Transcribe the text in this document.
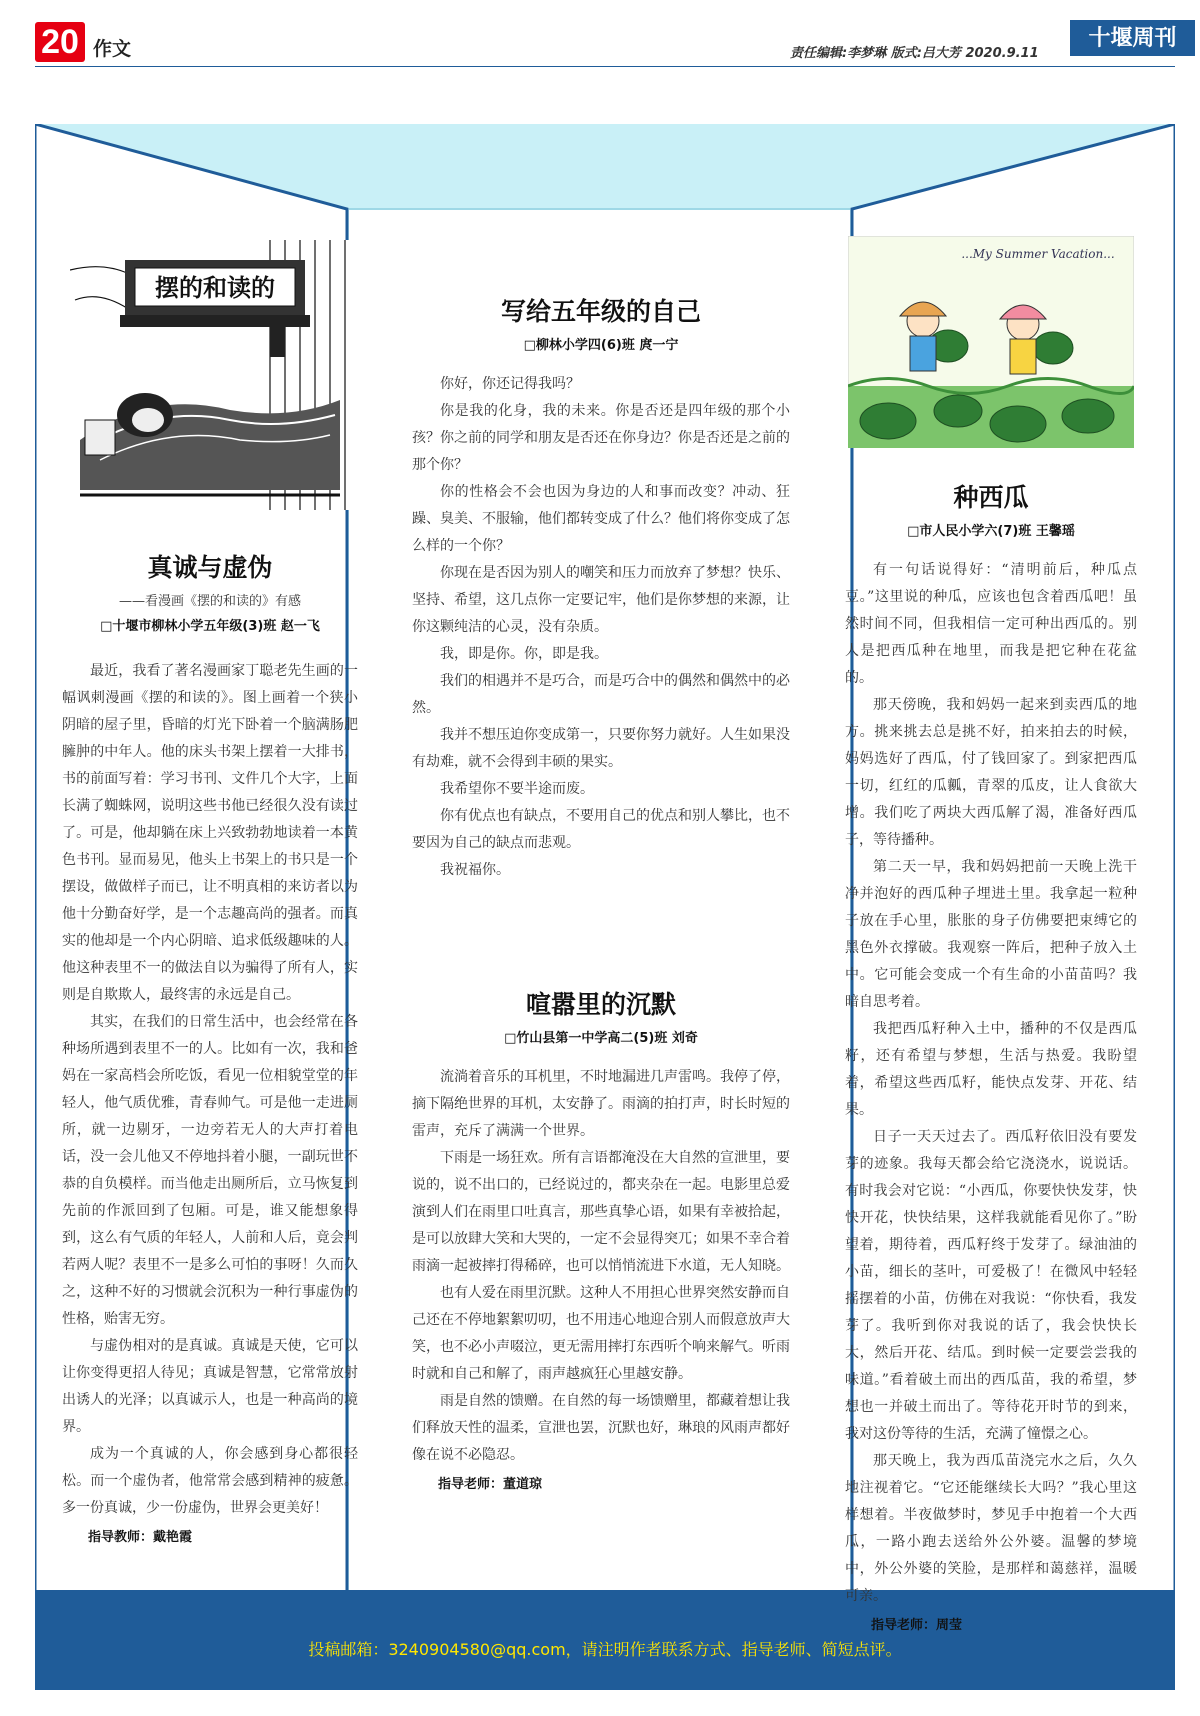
20 作文	责任编辑:李梦琳 版式:吕大芳 2020.9.11
十堰周刊
投稿邮箱：3240904580@qq.com，请注明作者联系方式、指导老师、简短点评。
摆的和读的
...My Summer Vacation...
真诚与虚伪
——看漫画《摆的和读的》有感
□十堰市柳林小学五年级(3)班 赵一飞

最近，我看了著名漫画家丁聪老先生画的一幅讽刺漫画《摆的和读的》。图上画着一个狭小阴暗的屋子里，昏暗的灯光下卧着一个脑满肠肥臃肿的中年人。他的床头书架上摆着一大排书，书的前面写着：学习书刊、文件几个大字，上面长满了蜘蛛网，说明这些书他已经很久没有读过了。可是，他却躺在床上兴致勃勃地读着一本黄色书刊。显而易见，他头上书架上的书只是一个摆设，做做样子而已，让不明真相的来访者以为他十分勤奋好学，是一个志趣高尚的强者。而真实的他却是一个内心阴暗、追求低级趣味的人。他这种表里不一的做法自以为骗得了所有人，实则是自欺欺人，最终害的永远是自己。

其实，在我们的日常生活中，也会经常在各种场所遇到表里不一的人。比如有一次，我和爸妈在一家高档会所吃饭，看见一位相貌堂堂的年轻人，他气质优雅，青春帅气。可是他一走进厕所，就一边剔牙，一边旁若无人的大声打着电话，没一会儿他又不停地抖着小腿，一副玩世不恭的自负模样。而当他走出厕所后，立马恢复到先前的作派回到了包厢。可是，谁又能想象得到，这么有气质的年轻人，人前和人后，竟会判若两人呢？表里不一是多么可怕的事呀！久而久之，这种不好的习惯就会沉积为一种行事虚伪的性格，贻害无穷。

与虚伪相对的是真诚。真诚是天使，它可以让你变得更招人待见；真诚是智慧，它常常放射出诱人的光泽；以真诚示人，也是一种高尚的境界。

成为一个真诚的人，你会感到身心都很轻松。而一个虚伪者，他常常会感到精神的疲惫。多一份真诚，少一份虚伪，世界会更美好！

指导教师：戴艳霞
写给五年级的自己
□柳林小学四(6)班 庹一宁

你好，你还记得我吗？

你是我的化身，我的未来。你是否还是四年级的那个小孩？你之前的同学和朋友是否还在你身边？你是否还是之前的那个你？

你的性格会不会也因为身边的人和事而改变？冲动、狂躁、臭美、不服输，他们都转变成了什么？他们将你变成了怎么样的一个你？

你现在是否因为别人的嘲笑和压力而放弃了梦想？快乐、坚持、希望，这几点你一定要记牢，他们是你梦想的来源，让你这颗纯洁的心灵，没有杂质。

我，即是你。你，即是我。

我们的相遇并不是巧合，而是巧合中的偶然和偶然中的必然。

我并不想压迫你变成第一，只要你努力就好。人生如果没有劫难，就不会得到丰硕的果实。

我希望你不要半途而废。

你有优点也有缺点，不要用自己的优点和别人攀比，也不要因为自己的缺点而悲观。

我祝福你。

喧嚣里的沉默
□竹山县第一中学高二(5)班 刘奇

流淌着音乐的耳机里，不时地漏进几声雷鸣。我停了停，摘下隔绝世界的耳机，太安静了。雨滴的拍打声，时长时短的雷声，充斥了满满一个世界。

下雨是一场狂欢。所有言语都淹没在大自然的宣泄里，要说的，说不出口的，已经说过的，都夹杂在一起。电影里总爱演到人们在雨里口吐真言，那些真挚心语，如果有幸被拾起，是可以放肆大笑和大哭的，一定不会显得突兀；如果不幸合着雨滴一起被摔打得稀碎，也可以悄悄流进下水道，无人知晓。

也有人爱在雨里沉默。这种人不用担心世界突然安静而自己还在不停地絮絮叨叨，也不用违心地迎合别人而假意放声大笑，也不必小声啜泣，更无需用摔打东西听个响来解气。听雨时就和自己和解了，雨声越疯狂心里越安静。

雨是自然的馈赠。在自然的每一场馈赠里，都藏着想让我们释放天性的温柔，宣泄也罢，沉默也好，琳琅的风雨声都好像在说不必隐忍。

指导老师：董道琼
种西瓜
□市人民小学六(7)班 王馨瑶

有一句话说得好：“清明前后，种瓜点豆。”这里说的种瓜，应该也包含着西瓜吧！虽然时间不同，但我相信一定可种出西瓜的。别人是把西瓜种在地里，而我是把它种在花盆的。

那天傍晚，我和妈妈一起来到卖西瓜的地方。挑来挑去总是挑不好，拍来拍去的时候，妈妈选好了西瓜，付了钱回家了。到家把西瓜一切，红红的瓜瓤，青翠的瓜皮，让人食欲大增。我们吃了两块大西瓜解了渴，准备好西瓜子，等待播种。

第二天一早，我和妈妈把前一天晚上洗干净并泡好的西瓜种子埋进土里。我拿起一粒种子放在手心里，胀胀的身子仿佛要把束缚它的黑色外衣撑破。我观察一阵后，把种子放入土中。它可能会变成一个有生命的小苗苗吗？我暗自思考着。

我把西瓜籽种入土中，播种的不仅是西瓜籽，还有希望与梦想，生活与热爱。我盼望着，希望这些西瓜籽，能快点发芽、开花、结果。

日子一天天过去了。西瓜籽依旧没有要发芽的迹象。我每天都会给它浇浇水，说说话。有时我会对它说：“小西瓜，你要快快发芽，快快开花，快快结果，这样我就能看见你了。”盼望着，期待着，西瓜籽终于发芽了。绿油油的小苗，细长的茎叶，可爱极了！在微风中轻轻摇摆着的小苗，仿佛在对我说：“你快看，我发芽了。我听到你对我说的话了，我会快快长大，然后开花、结瓜。到时候一定要尝尝我的味道。”看着破土而出的西瓜苗，我的希望，梦想也一并破土而出了。等待花开时节的到来，我对这份等待的生活，充满了憧憬之心。

那天晚上，我为西瓜苗浇完水之后，久久地注视着它。“它还能继续长大吗？”我心里这样想着。半夜做梦时，梦见手中抱着一个大西瓜，一路小跑去送给外公外婆。温馨的梦境中，外公外婆的笑脸，是那样和蔼慈祥，温暖可亲。

指导老师：周莹
